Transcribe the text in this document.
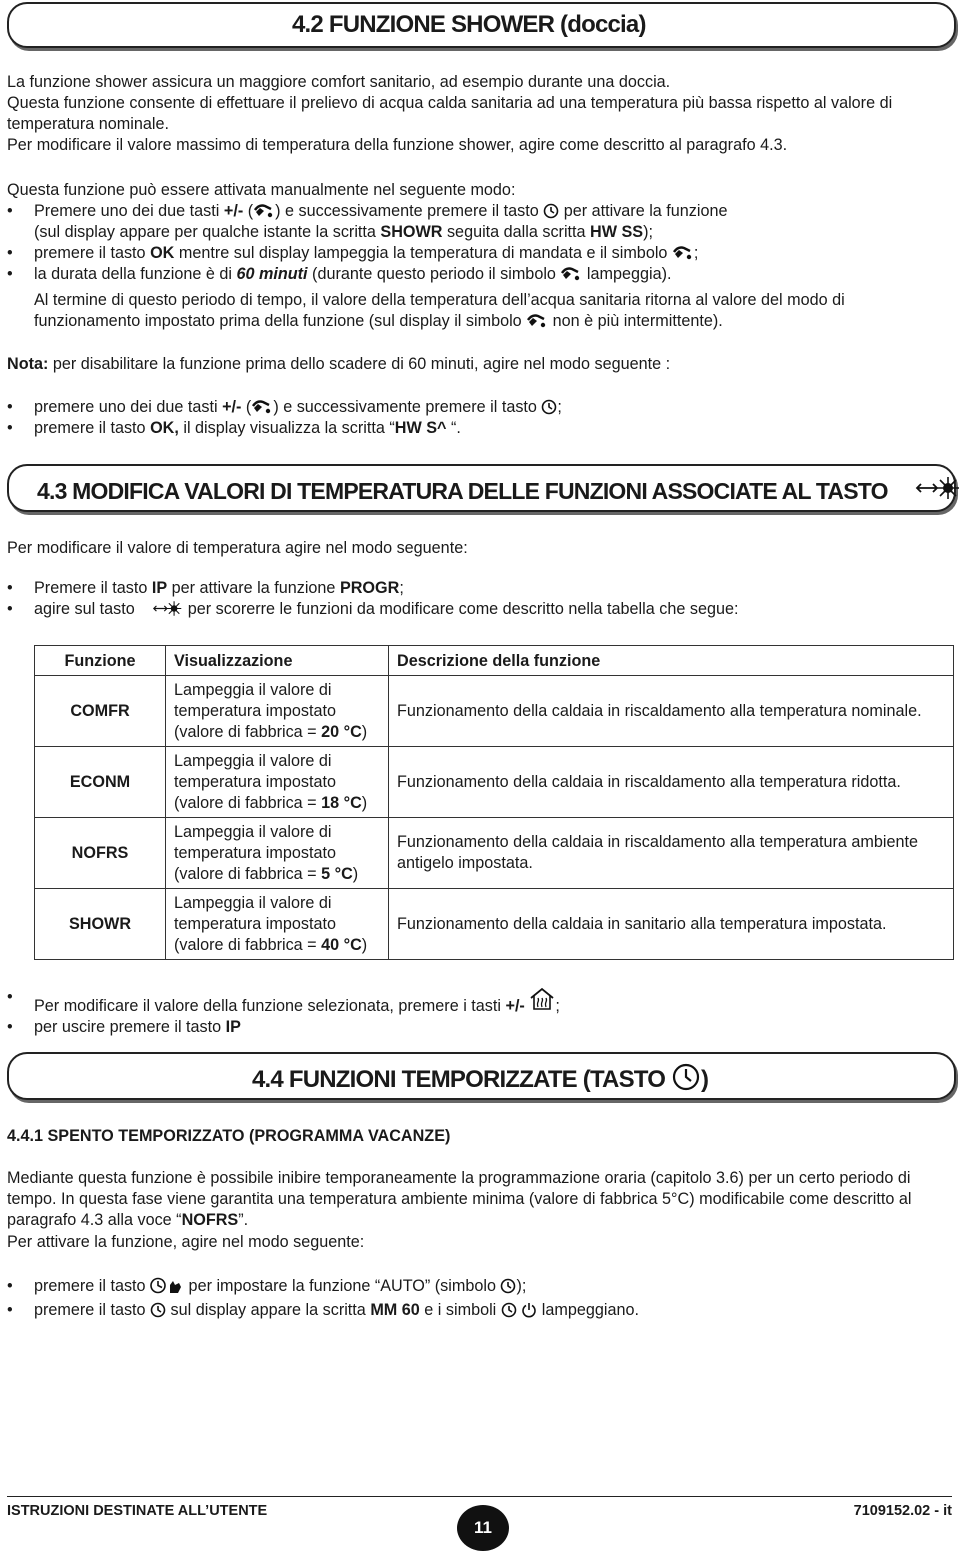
4.2 FUNZIONE SHOWER (doccia)

La funzione shower assicura un maggiore comfort sanitario, ad esempio durante una doccia.

Questa funzione consente di effettuare il prelievo di acqua calda sanitaria ad una temperatura più bassa rispetto al valore di temperatura nominale.

Per modificare il valore massimo di temperatura della funzione shower, agire come descritto al paragrafo 4.3.

Questa funzione può essere attivata manualmente nel seguente modo:

• Premere uno dei due tasti +/- ( ) e successivamente premere il tasto
per attivare la funzione
(sul display appare per qualche istante la scritta SHOWR seguita dalla scritta HW SS);
• premere il tasto OK mentre sul display lampeggia la temperatura di mandata e il simbolo
;
• la durata della funzione è di 60 minuti (durante questo periodo il simbolo
lampeggia).

Al termine di questo periodo di tempo, il valore della temperatura dell’acqua sanitaria ritorna al valore del modo di funzionamento impostato prima della funzione (sul display il simbolo
non è più intermittente).

Nota: per disabilitare la funzione prima dello scadere di 60 minuti, agire nel modo seguente :

• premere uno dei due tasti +/- ( ) e successivamente premere il tasto
;
• premere il tasto OK, il display visualizza la scritta “HW S^ “.
4.3 MODIFICA VALORI DI TEMPERATURA DELLE FUNZIONI ASSOCIATE AL TASTO

Per modificare il valore di temperatura agire nel modo seguente:

• Premere il tasto IP per attivare la funzione PROGR;
• agire sul tasto	per scorerre le funzioni da modificare come descritto nella tabella che segue:
Funzione	Visualizzazione	Descrizione della funzione
COMFR	Lampeggia il valore di temperatura impostato (valore di fabbrica = 20 °C)	Funzionamento della caldaia in riscaldamento alla temperatura nominale.
ECONM	Lampeggia il valore di temperatura impostato (valore di fabbrica = 18 °C)	Funzionamento della caldaia in riscaldamento alla temperatura ridotta.
NOFRS	Lampeggia il valore di temperatura impostato (valore di fabbrica = 5 °C)	Funzionamento della caldaia in riscaldamento alla temperatura ambiente antigelo impostata.
SHOWR	Lampeggia il valore di temperatura impostato (valore di fabbrica = 40 °C)	Funzionamento della caldaia in sanitario alla temperatura impostata.
• Per modificare il valore della funzione selezionata, premere i tasti +/- ;
• per uscire premere il tasto IP
4.4 FUNZIONI TEMPORIZZATE (TASTO )

4.4.1 SPENTO TEMPORIZZATO (PROGRAMMA VACANZE)

Mediante questa funzione è possibile inibire temporaneamente la programmazione oraria (capitolo 3.6) per un certo periodo di tempo. In questa fase viene garantita una temperatura ambiente minima (valore di fabbrica 5°C) modificabile come descritto al paragrafo 4.3 alla voce “NOFRS”.

Per attivare la funzione, agire nel modo seguente:

• premere il tasto
per impostare la funzione “AUTO” (simbolo
);
• premere il tasto
sul display appare la scritta MM 60 e i simboli

lampeggiano.
ISTRUZIONI DESTINATE ALL’UTENTE
11
7109152.02 - it
